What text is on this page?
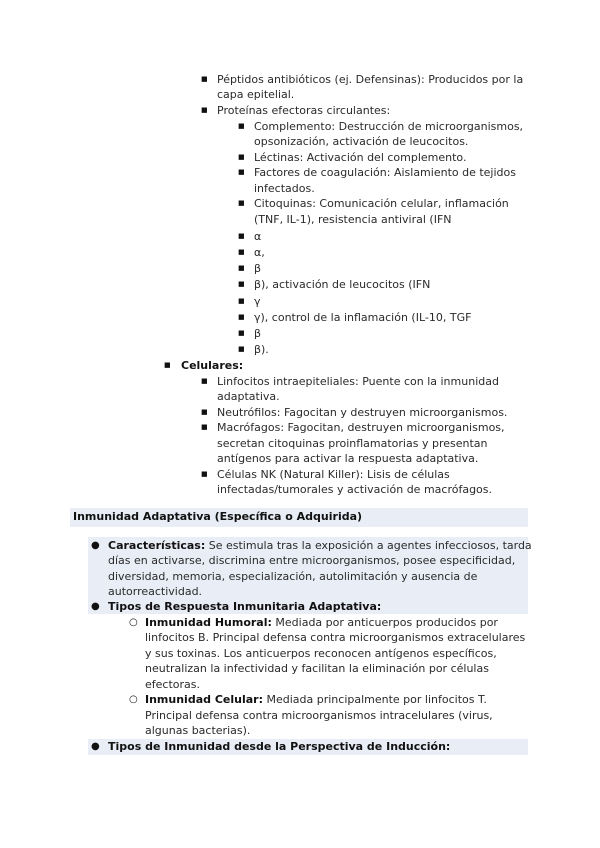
■ Péptidos antibióticos (ej. Defensinas): Producidos por la
capa epitelial.
■ Proteínas efectoras circulantes:
■ Complemento: Destrucción de microorganismos,
opsonización, activación de leucocitos.
■ Léctinas: Activación del complemento.
■ Factores de coagulación: Aislamiento de tejidos
infectados.
■ Citoquinas: Comunicación celular, inflamación
(TNF, IL-1), resistencia antiviral (IFN
■ α
■ α,
■ β
■ β), activación de leucocitos (IFN
■ γ
■ γ), control de la inflamación (IL-10, TGF
■ β
■ β).
■ Celulares:
■ Linfocitos intraepiteliales: Puente con la inmunidad
adaptativa.
■ Neutrófilos: Fagocitan y destruyen microorganismos.
■ Macrófagos: Fagocitan, destruyen microorganismos,
secretan citoquinas proinflamatorias y presentan
antígenos para activar la respuesta adaptativa.
■ Células NK (Natural Killer): Lisis de células
infectadas/tumorales y activación de macrófagos.
Inmunidad Adaptativa (Específica o Adquirida)
● Características: Se estimula tras la exposición a agentes infecciosos, tarda
días en activarse, discrimina entre microorganismos, posee especificidad,
diversidad, memoria, especialización, autolimitación y ausencia de
autorreactividad.
● Tipos de Respuesta Inmunitaria Adaptativa:
○ Inmunidad Humoral: Mediada por anticuerpos producidos por
linfocitos B. Principal defensa contra microorganismos extracelulares
y sus toxinas. Los anticuerpos reconocen antígenos específicos,
neutralizan la infectividad y facilitan la eliminación por células
efectoras.
○ Inmunidad Celular: Mediada principalmente por linfocitos T.
Principal defensa contra microorganismos intracelulares (virus,
algunas bacterias).
● Tipos de Inmunidad desde la Perspectiva de Inducción:
